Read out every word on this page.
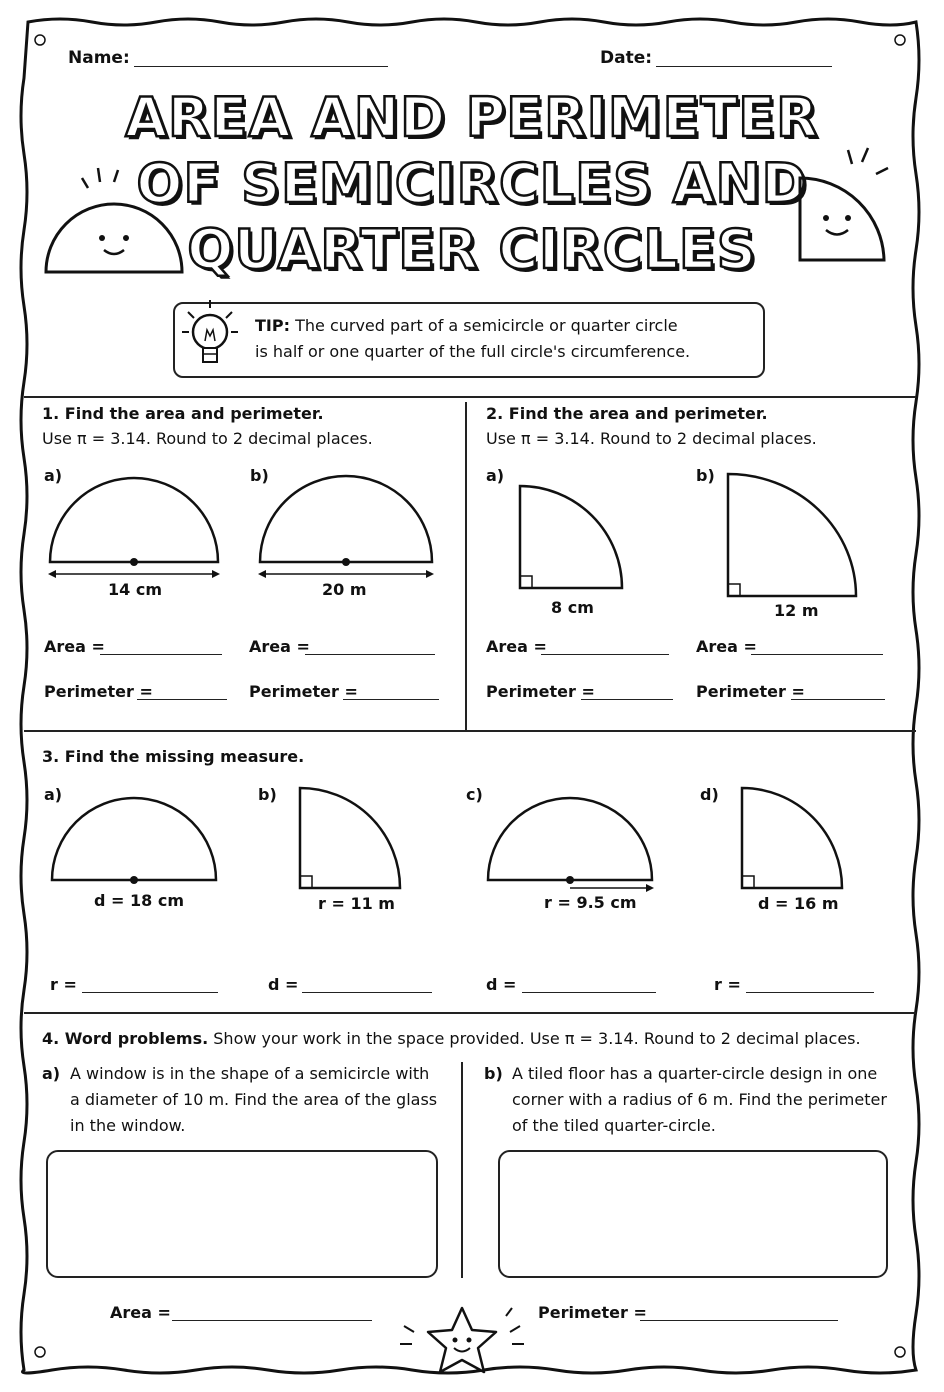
Name:	Date:
AREA AND PERIMETER
OF SEMICIRCLES AND
QUARTER CIRCLES
TIP: The curved part of a semicircle or quarter circle
is half or one quarter of the full circle's circumference.
1. Find the area and perimeter.
Use π = 3.14. Round to 2 decimal places.
a)	b)
14 cm	20 m
Area =
Perimeter =
Area =
Perimeter =
2. Find the area and perimeter.
Use π = 3.14. Round to 2 decimal places.
a)	b)
8 cm	12 m
Area =
Perimeter =
Area =
Perimeter =
3. Find the missing measure.
a)	b)	c)	d)
d = 18 cm	r = 11 m	r = 9.5 cm	d = 16 m
r =	d =	d =	r =
4. Word problems. Show your work in the space provided. Use π = 3.14. Round to 2 decimal places.
a) A window is in the shape of a semicircle with
a diameter of 10 m. Find the area of the glass
in the window.
b) A tiled floor has a quarter-circle design in one
corner with a radius of 6 m. Find the perimeter
of the tiled quarter-circle.
Area =	Perimeter =
